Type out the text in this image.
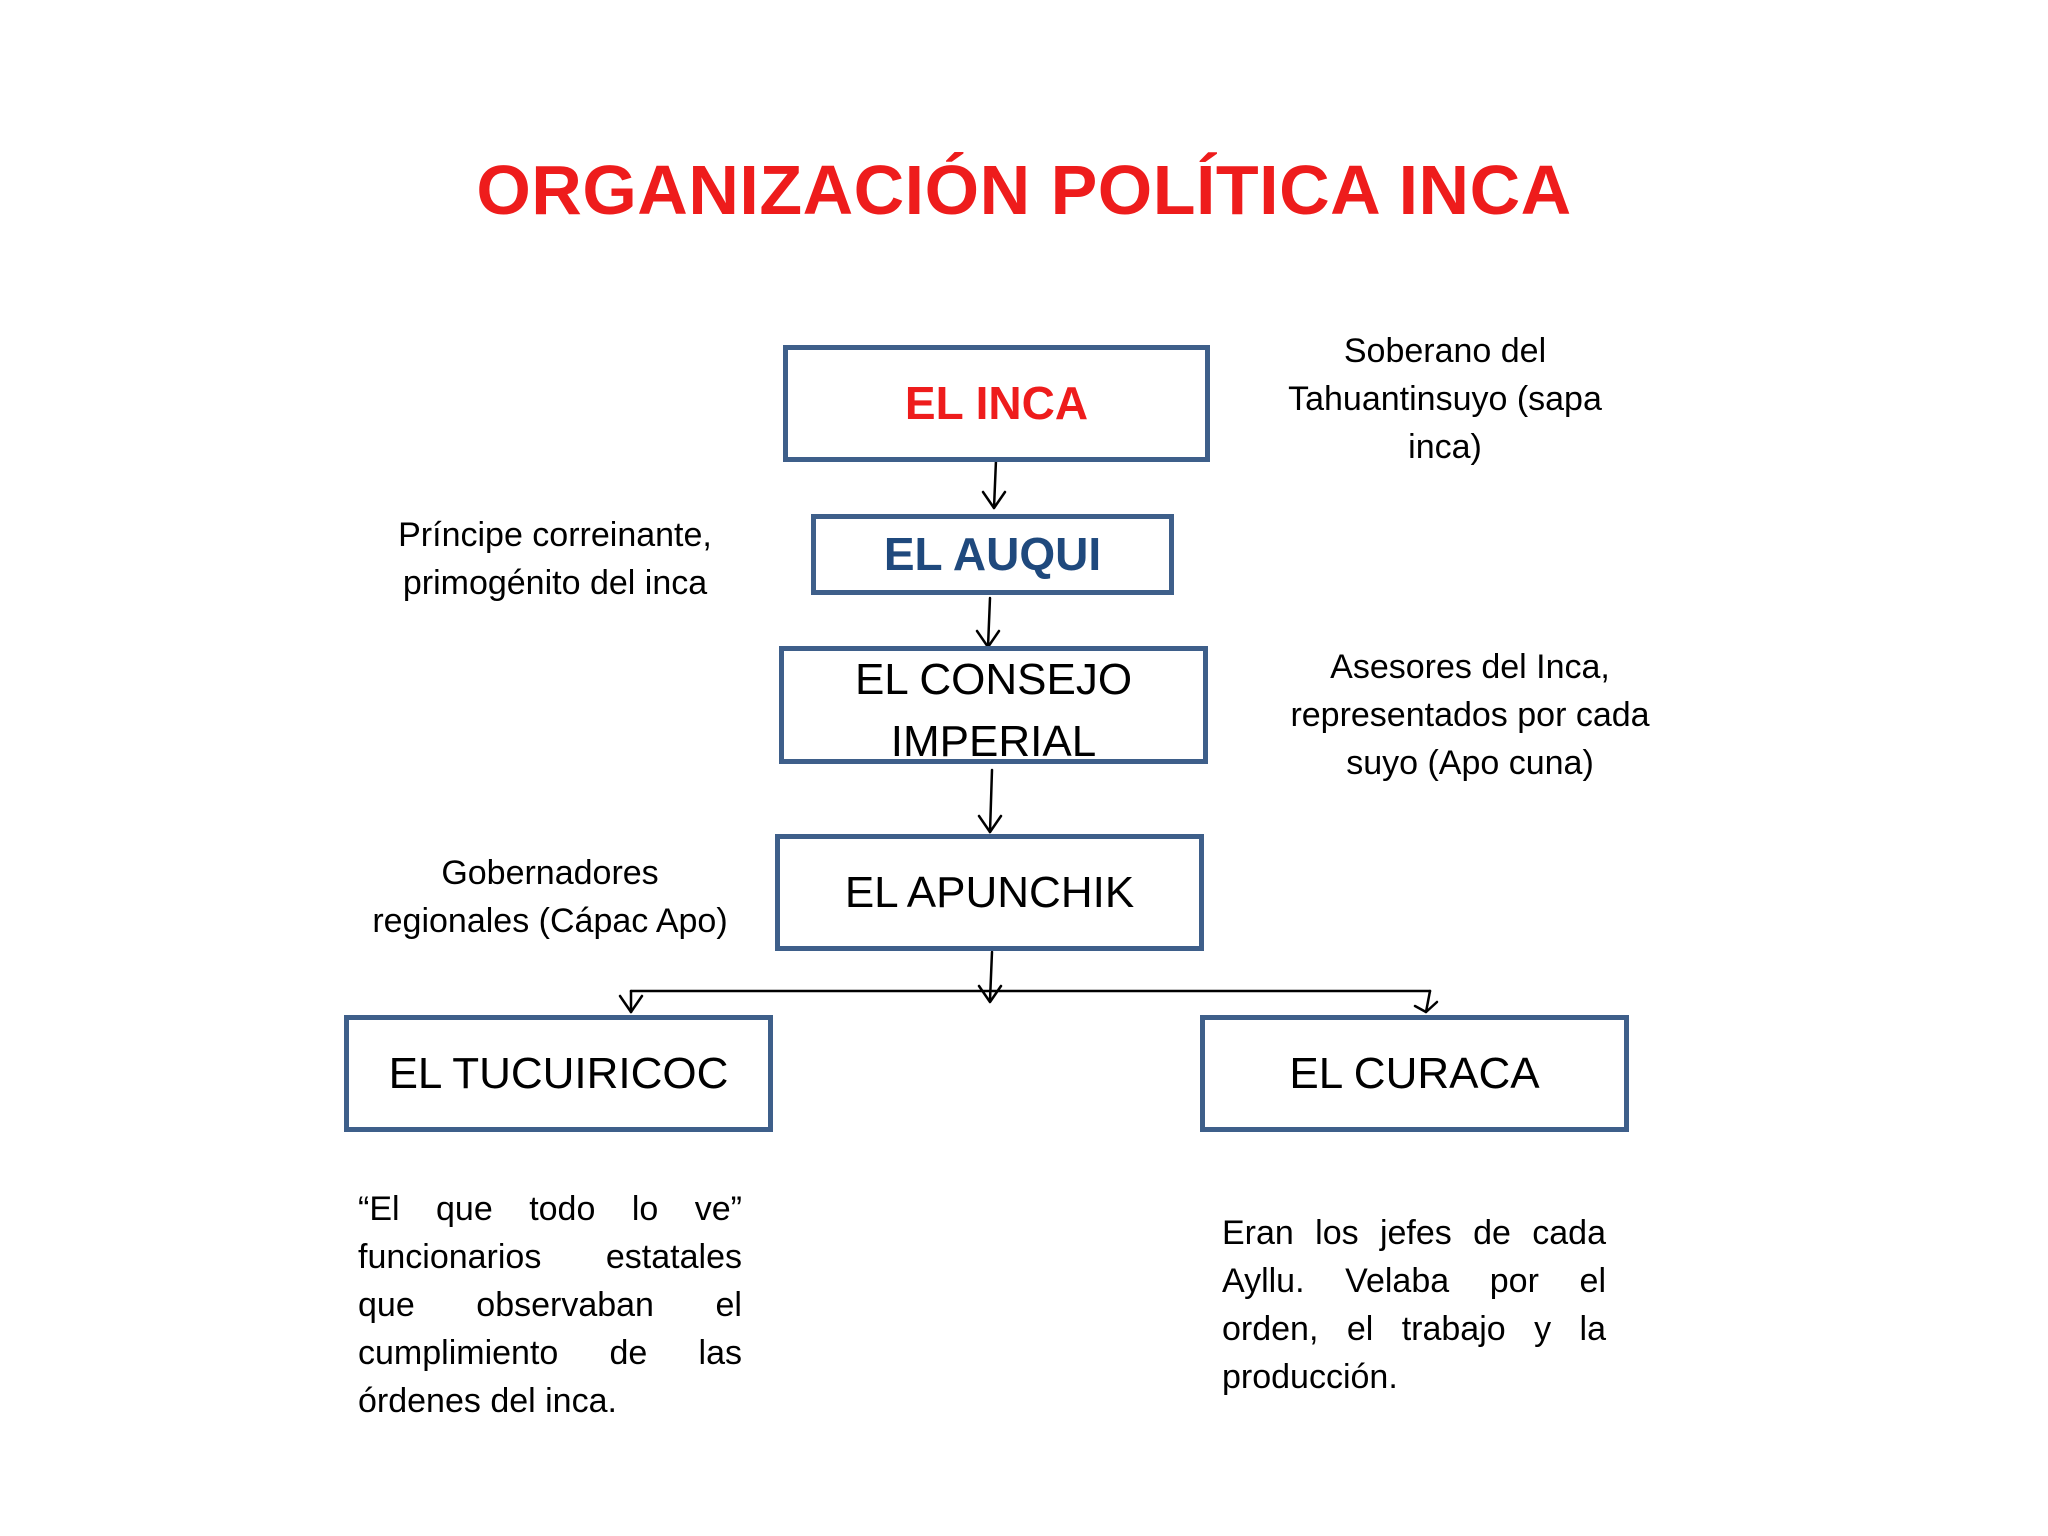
ORGANIZACIÓN POLÍTICA INCA
EL INCA
EL AUQUI
EL CONSEJO
IMPERIAL
EL APUNCHIK
EL TUCUIRICOC	EL CURACA
Soberano del
Tahuantinsuyo (sapa
inca)
Príncipe correinante,
primogénito del inca
Asesores del Inca,
representados por cada
suyo (Apo cuna)
Gobernadores
regionales (Cápac Apo)
“El que todo lo ve” funcionarios estatales que observaban el cumplimiento de las órdenes del inca.
Eran los jefes de cada Ayllu. Velaba por el orden, el trabajo y la producción.
